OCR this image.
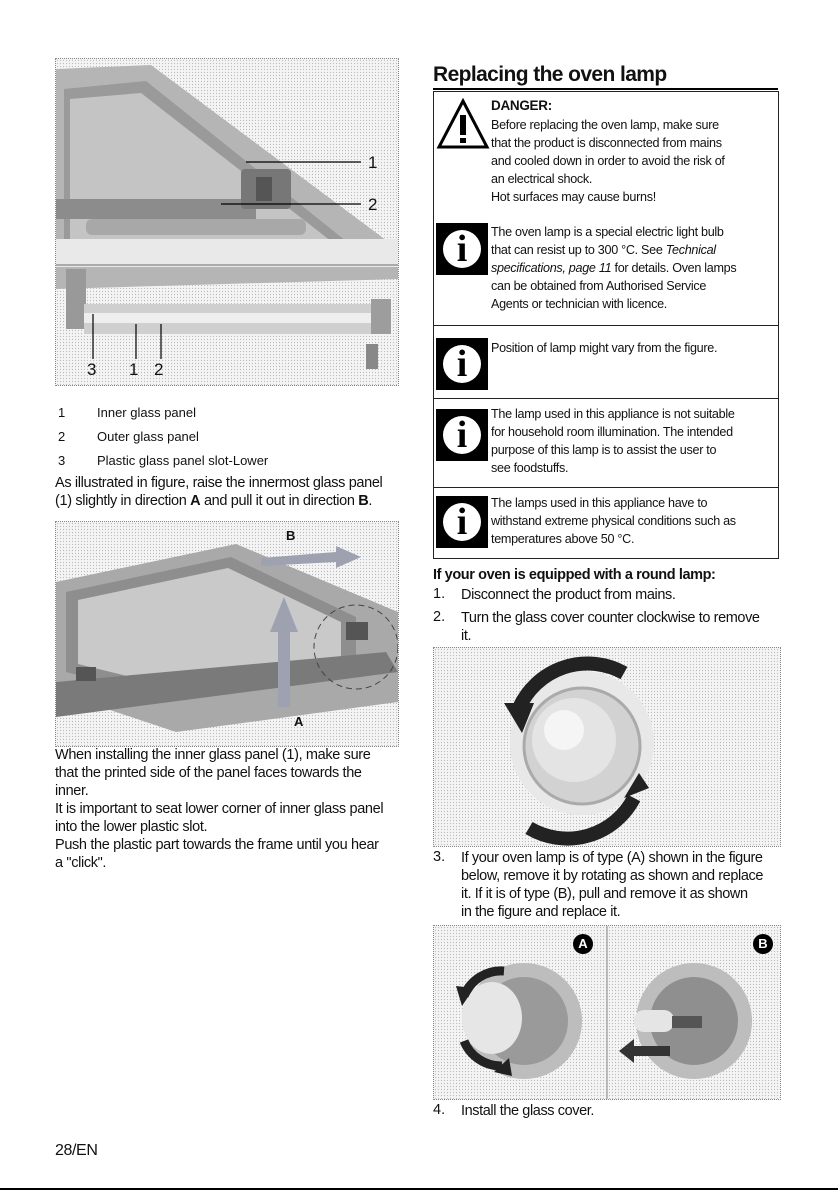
1
2
3 1 2
1 Inner glass panel
2 Outer glass panel
3 Plastic glass panel slot-Lower
As illustrated in figure, raise the innermost glass panel
(1) slightly in direction A and pull it out in direction B.
B
A
When installing the inner glass panel (1), make sure
that the printed side of the panel faces towards the
inner.
It is important to seat lower corner of inner glass panel
into the lower plastic slot.
Push the plastic part towards the frame until you hear
a "click".
Replacing the oven lamp
DANGER:
Before replacing the oven lamp, make sure
that the product is disconnected from mains
and cooled down in order to avoid the risk of
an electrical shock.
Hot surfaces may cause burns!
i	The oven lamp is a special electric light bulb
that can resist up to 300 °C. See Technical
specifications, page 11 for details. Oven lamps
can be obtained from Authorised Service
Agents or technician with licence.
i	Position of lamp might vary from the figure.
i	The lamp used in this appliance is not suitable
for household room illumination. The intended
purpose of this lamp is to assist the user to
see foodstuffs.
i	The lamps used in this appliance have to
withstand extreme physical conditions such as
temperatures above 50 °C.
If your oven is equipped with a round lamp:
1. Disconnect the product from mains.
2. Turn the glass cover counter clockwise to remove
it.
3. If your oven lamp is of type (A) shown in the figure
below, remove it by rotating as shown and replace
it. If it is of type (B), pull and remove it as shown
in the figure and replace it.
A	B
4. Install the glass cover.
28/EN
